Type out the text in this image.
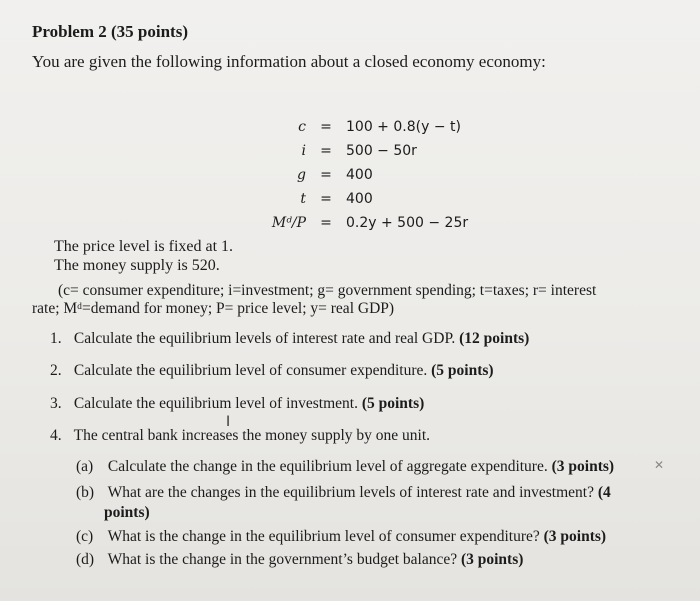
Problem 2 (35 points)
You are given the following information about a closed economy economy:
c	=	100 + 0.8(y − t)
i	=	500 − 50r
g	=	400
t	=	400
Mᵈ/P	=	0.2y + 500 − 25r
The price level is fixed at 1.
The money supply is 520.
(c= consumer expenditure; i=investment; g= government spending; t=taxes; r= interest
rate; Mᵈ=demand for money; P= price level; y= real GDP)
1. Calculate the equilibrium levels of interest rate and real GDP. (12 points)
2. Calculate the equilibrium level of consumer expenditure. (5 points)
3. Calculate the equilibrium level of investment. (5 points)
4. The central bank increases the money supply by one unit.
(a) Calculate the change in the equilibrium level of aggregate expenditure. (3 points)
(b) What are the changes in the equilibrium levels of interest rate and investment? (4
points)
(c) What is the change in the equilibrium level of consumer expenditure? (3 points)
(d) What is the change in the government’s budget balance? (3 points)
I
✕
